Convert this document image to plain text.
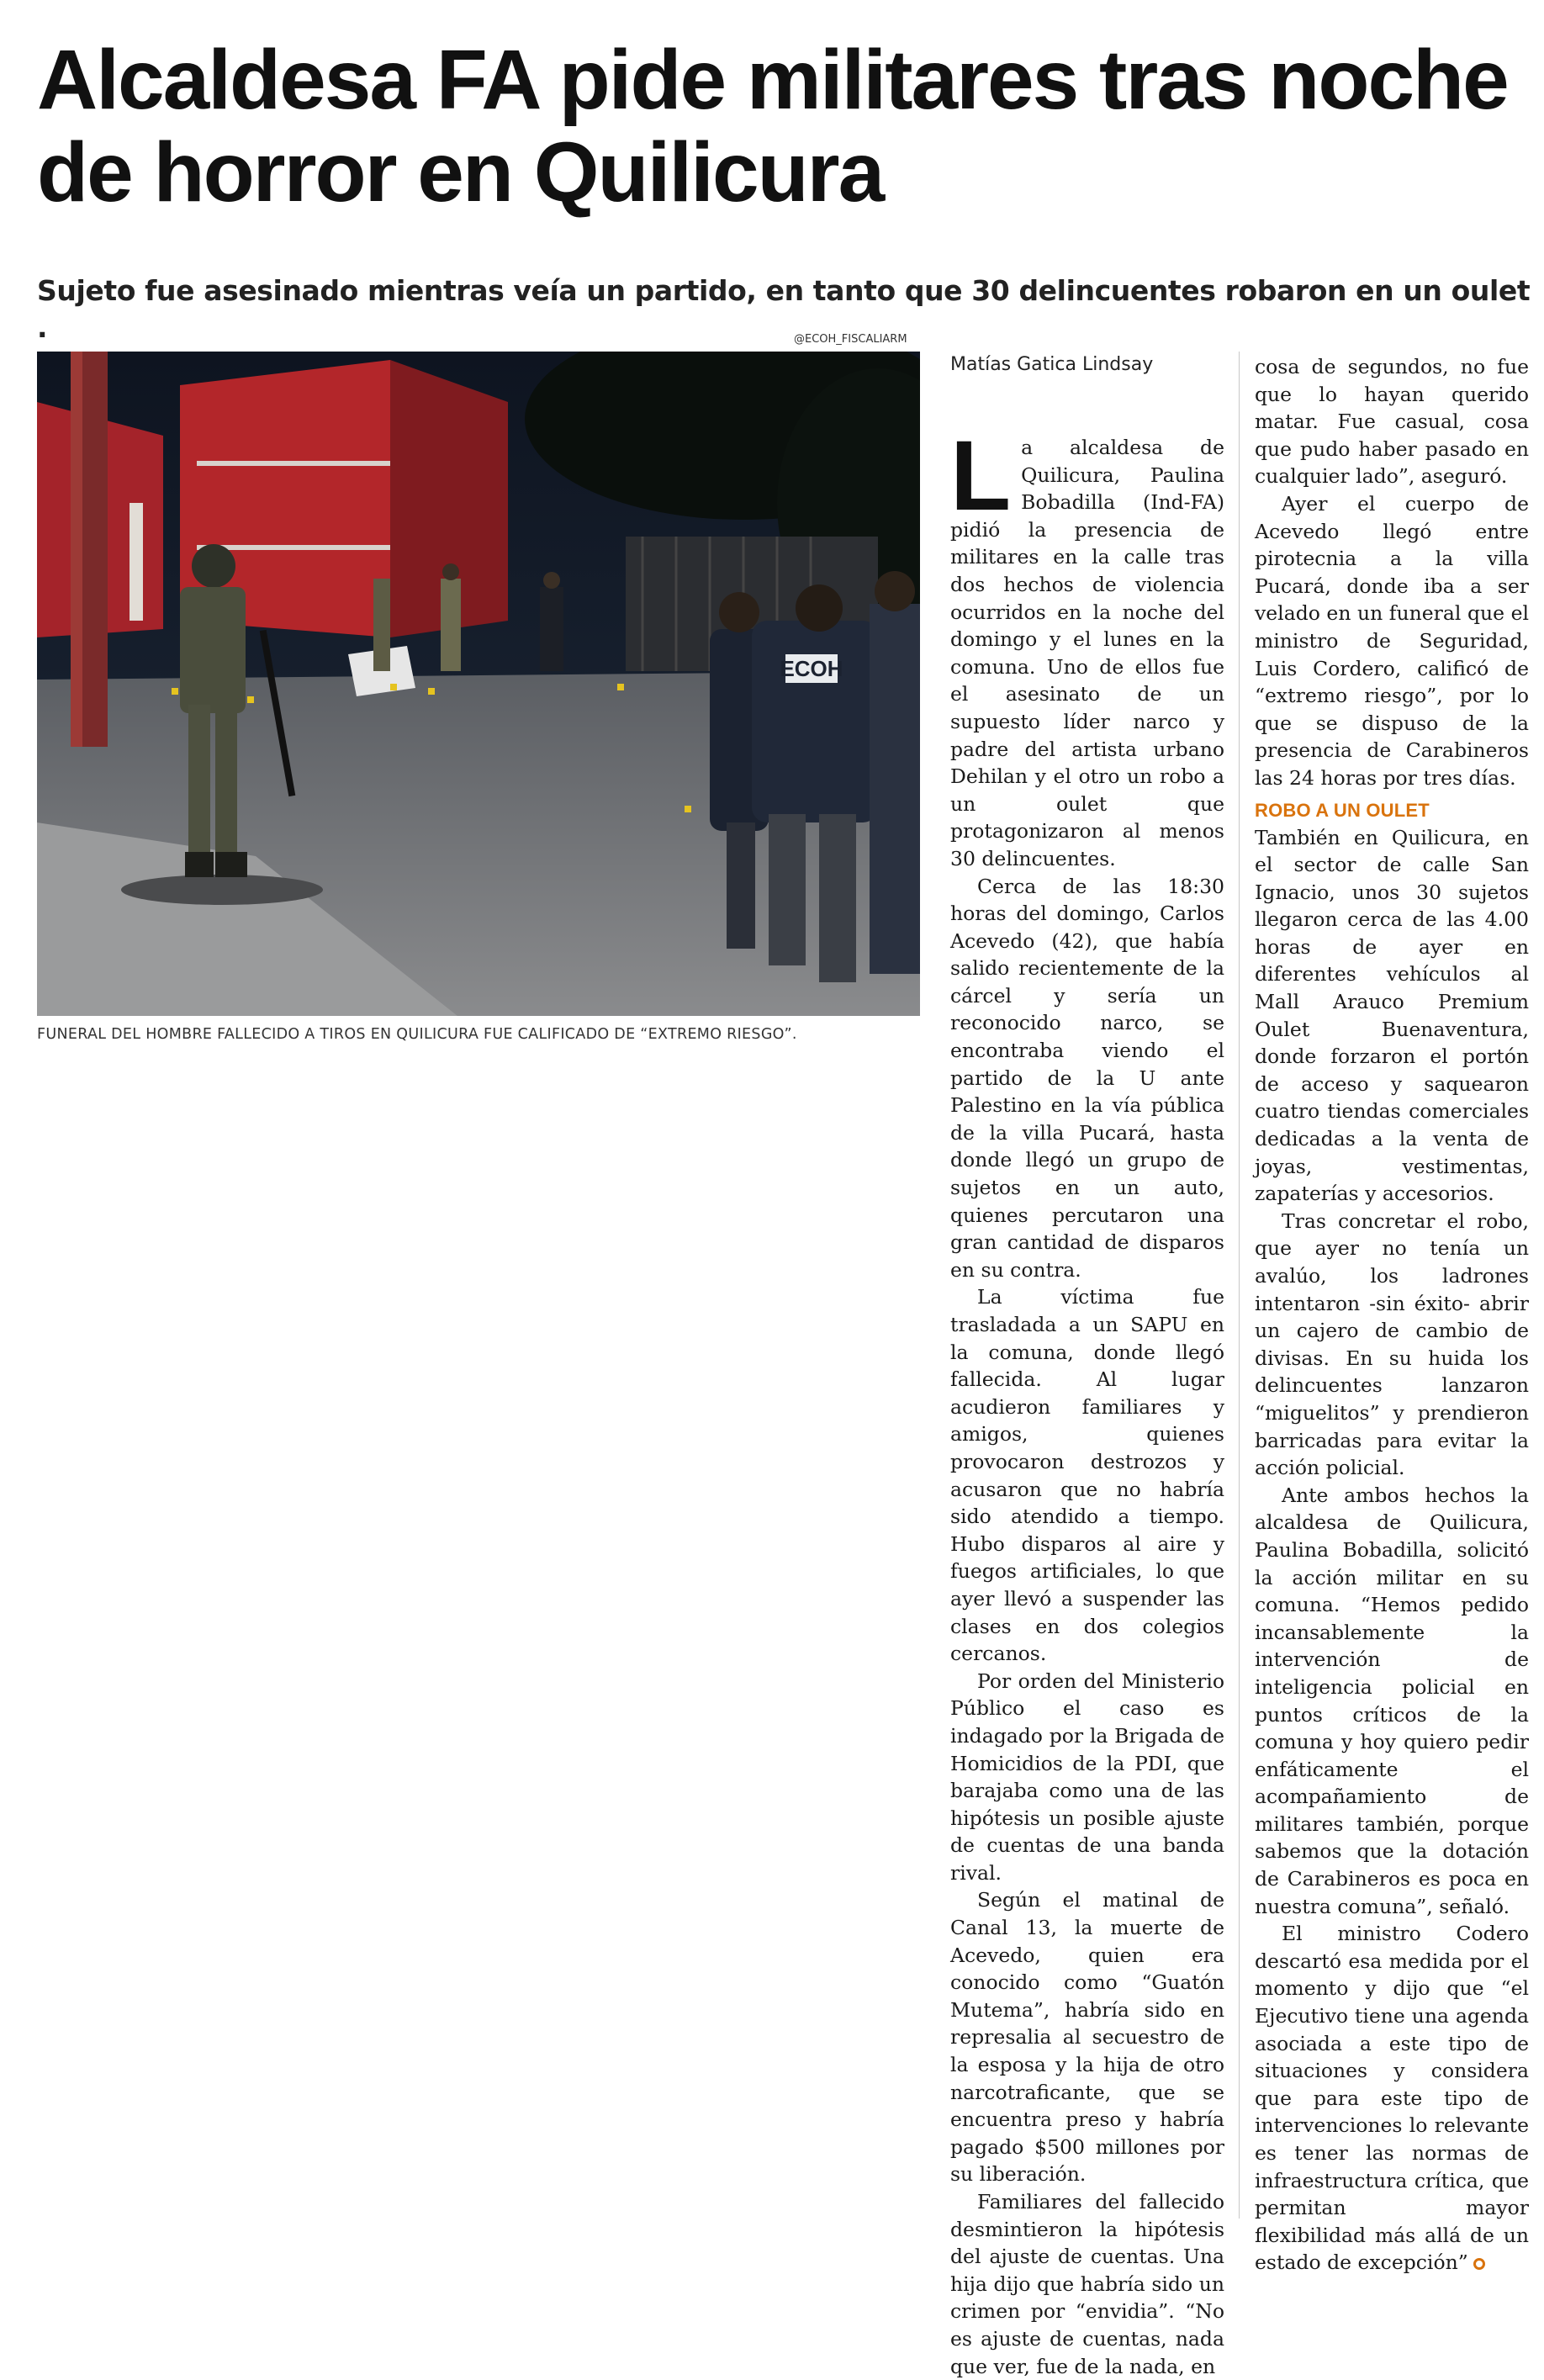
Alcaldesa FA pide militares tras noche de horror en Quilicura
Sujeto fue asesinado mientras veía un partido, en tanto que 30 delincuentes robaron en un oulet .	@ECOH_FISCALIARM
ECOH
FUNERAL DEL HOMBRE FALLECIDO A TIROS EN QUILICURA FUE CALIFICADO DE “EXTREMO RIESGO”.
Matías Gatica Lindsay

La alcaldesa de Quilicura, Paulina Bobadilla (Ind-FA) pidió la presencia de militares en la calle tras dos hechos de violencia ocurridos en la noche del domingo y el lunes en la comuna. Uno de ellos fue el asesinato de un supuesto líder narco y padre del artista urbano Dehilan y el otro un robo a un oulet que protagonizaron al menos 30 delincuentes.

Cerca de las 18:30 horas del domingo, Carlos Acevedo (42), que había salido recientemente de la cárcel y sería un reconocido narco, se encontraba viendo el partido de la U ante Palestino en la vía pública de la villa Pucará, hasta donde llegó un grupo de sujetos en un auto, quienes percutaron una gran cantidad de disparos en su contra.

La víctima fue trasladada a un SAPU en la comuna, donde llegó fallecida. Al lugar acudieron familiares y amigos, quienes provocaron destrozos y acusaron que no habría sido atendido a tiempo. Hubo disparos al aire y fuegos artificiales, lo que ayer llevó a suspender las clases en dos colegios cercanos.

Por orden del Ministerio Público el caso es indagado por la Brigada de Homicidios de la PDI, que barajaba como una de las hipótesis un posible ajuste de cuentas de una banda rival.

Según el matinal de Canal 13, la muerte de Acevedo, quien era conocido como “Guatón Mutema”, habría sido en represalia al secuestro de la esposa y la hija de otro narcotraficante, que se encuentra preso y habría pagado $500 millones por su liberación.

Familiares del fallecido desmintieron la hipótesis del ajuste de cuentas. Una hija dijo que habría sido un crimen por “envidia”. “No es ajuste de cuentas, nada que ver, fue de la nada, en

cosa de segundos, no fue que lo hayan querido matar. Fue casual, cosa que pudo haber pasado en cualquier lado”, aseguró.

Ayer el cuerpo de Acevedo llegó entre pirotecnia a la villa Pucará, donde iba a ser velado en un funeral que el ministro de Seguridad, Luis Cordero, calificó de “extremo riesgo”, por lo que se dispuso de la presencia de Carabineros las 24 horas por tres días.

ROBO A UN OULET

También en Quilicura, en el sector de calle San Ignacio, unos 30 sujetos llegaron cerca de las 4.00 horas de ayer en diferentes vehículos al Mall Arauco Premium Oulet Buenaventura, donde forzaron el portón de acceso y saquearon cuatro tiendas comerciales dedicadas a la venta de joyas, vestimentas, zapaterías y accesorios.

Tras concretar el robo, que ayer no tenía un avalúo, los ladrones intentaron -sin éxito- abrir un cajero de cambio de divisas. En su huida los delincuentes lanzaron “miguelitos” y prendieron barricadas para evitar la acción policial.

Ante ambos hechos la alcaldesa de Quilicura, Paulina Bobadilla, solicitó la acción militar en su comuna. “Hemos pedido incansablemente la intervención de inteligencia policial en puntos críticos de la comuna y hoy quiero pedir enfáticamente el acompañamiento de militares también, porque sabemos que la dotación de Carabineros es poca en nuestra comuna”, señaló.

El ministro Codero descartó esa medida por el momento y dijo que “el Ejecutivo tiene una agenda asociada a este tipo de situaciones y considera que para este tipo de intervenciones lo relevante es tener las normas de infraestructura crítica, que permitan mayor flexibilidad más allá de un estado de excepción”
